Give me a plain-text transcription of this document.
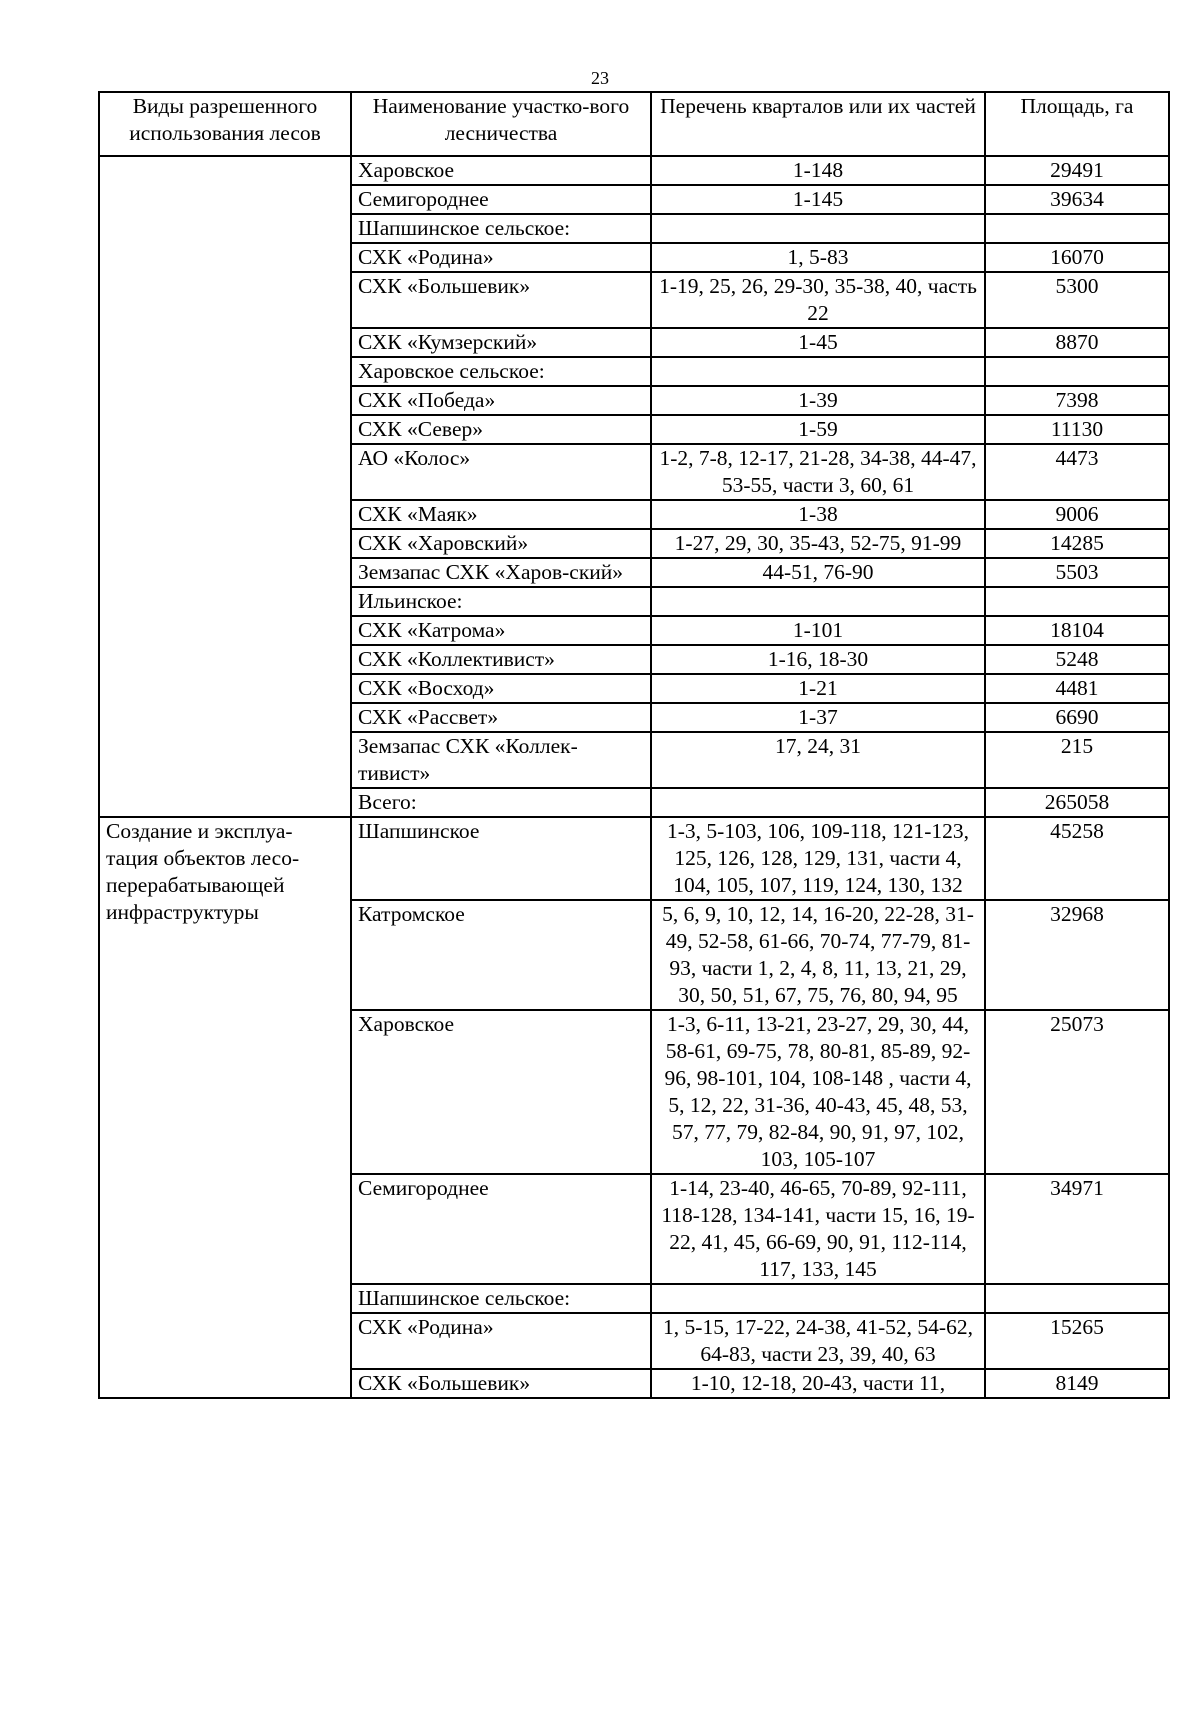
23
Виды разрешенного использования лесов	Наименование участко-вого лесничества	Перечень кварталов или их частей	Площадь, га
	Харовское	1-148	29491
	Семигороднее	1-145	39634
	Шапшинское сельское:		
	СХК «Родина»	1, 5-83	16070
	СХК «Большевик»	1-19, 25, 26, 29-30, 35-38, 40, часть 22	5300
	СХК «Кумзерский»	1-45	8870
	Харовское сельское:		
	СХК «Победа»	1-39	7398
	СХК «Север»	1-59	11130
	АО «Колос»	1-2, 7-8, 12-17, 21-28, 34-38, 44-47, 53-55, части 3, 60, 61	4473
	СХК «Маяк»	1-38	9006
	СХК «Харовский»	1-27, 29, 30, 35-43, 52-75, 91-99	14285
	Земзапас СХК «Харов-ский»	44-51, 76-90	5503
	Ильинское:		
	СХК «Катрома»	1-101	18104
	СХК «Коллективист»	1-16, 18-30	5248
	СХК «Восход»	1-21	4481
	СХК «Рассвет»	1-37	6690
	Земзапас СХК «Коллек-тивист»	17, 24, 31	215
	Всего:		265058
Создание и эксплуа-тация объектов лесо-перерабатывающей инфраструктуры	Шапшинское	1-3, 5-103, 106, 109-118, 121-123, 125, 126, 128, 129, 131, части 4, 104, 105, 107, 119, 124, 130, 132	45258
	Катромское	5, 6, 9, 10, 12, 14, 16-20, 22-28, 31-49, 52-58, 61-66, 70-74, 77-79, 81-93, части 1, 2, 4, 8, 11, 13, 21, 29, 30, 50, 51, 67, 75, 76, 80, 94, 95	32968
	Харовское	1-3, 6-11, 13-21, 23-27, 29, 30, 44, 58-61, 69-75, 78, 80-81, 85-89, 92-96, 98-101, 104, 108-148 , части 4, 5, 12, 22, 31-36, 40-43, 45, 48, 53, 57, 77, 79, 82-84, 90, 91, 97, 102, 103, 105-107	25073
	Семигороднее	1-14, 23-40, 46-65, 70-89, 92-111, 118-128, 134-141, части 15, 16, 19-22, 41, 45, 66-69, 90, 91, 112-114, 117, 133, 145	34971
	Шапшинское сельское:		
	СХК «Родина»	1, 5-15, 17-22, 24-38, 41-52, 54-62, 64-83, части 23, 39, 40, 63	15265
	СХК «Большевик»	1-10, 12-18, 20-43, части 11,	8149
